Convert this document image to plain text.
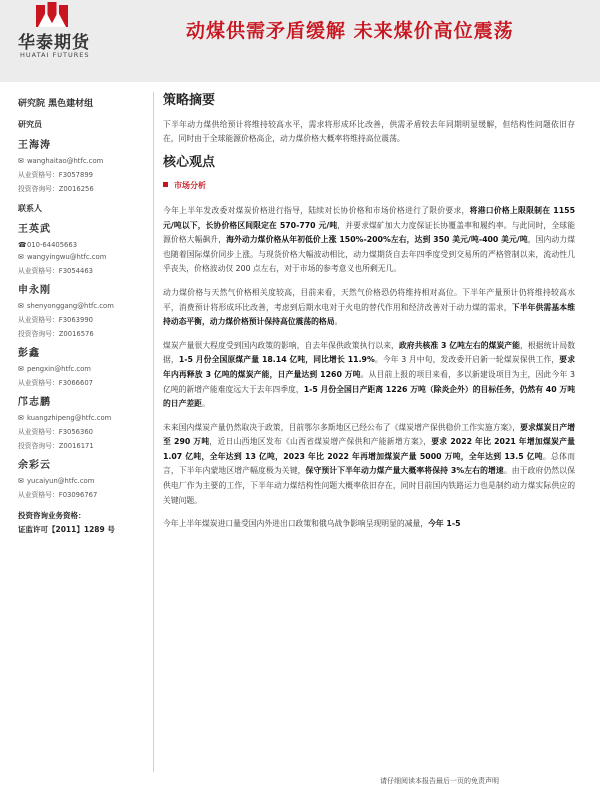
华泰期货
HUATAI FUTURES
动煤供需矛盾缓解 未来煤价高位震荡
研究院 黑色建材组
研究员
王海涛
✉ wanghaitao@htfc.com
从业资格号：F3057899
投资咨询号：Z0016256
联系人
王英武
☎010-64405663
✉ wangyingwu@htfc.com
从业资格号：F3054463
申永刚
✉ shenyonggang@htfc.com
从业资格号：F3063990
投资咨询号：Z0016576
彭鑫
✉ pengxin@htfc.com
从业资格号：F3066607
邝志鹏
✉ kuangzhipeng@htfc.com
从业资格号：F3056360
投资咨询号：Z0016171
余彩云
✉ yucaiyun@htfc.com
从业资格号：F03096767
投资咨询业务资格：
证监许可【2011】1289 号
策略摘要

下半年动力煤供给预计将维持较高水平，需求将形成环比改善，供需矛盾较去年同期明显缓解，但结构性问题依旧存在，同时由于全球能源价格高企，动力煤价格大概率将维持高位震荡。

核心观点
市场分析

今年上半年发改委对煤炭价格进行指导，陆续对长协价格和市场价格进行了限价要求，将港口价格上限限制在 1155 元/吨以下，长协价格区间限定在 570-770 元/吨，并要求煤矿加大力度保证长协覆盖率和履约率。与此同时，全球能源价格大幅飙升，海外动力煤价格从年初低价上涨 150%-200%左右，达到 350 美元/吨-400 美元/吨，国内动力煤也随着国际煤价同步上涨。与现货价格大幅波动相比，动力煤期货自去年四季度受到交易所的严格管制以来，流动性几乎丧失，价格波动仅 200 点左右，对于市场的参考意义也所剩无几。

动力煤价格与天然气价格相关度较高，目前来看，天然气价格恐仍将维持相对高位。下半年产量预计仍将维持较高水平，消费预计将形成环比改善，考虑到后期水电对于火电的替代作用和经济改善对于动力煤的需求，下半年供需基本维持动态平衡，动力煤价格预计保持高位震荡的格局。

煤炭产量很大程度受到国内政策的影响，自去年保供政策执行以来，政府共核准 3 亿吨左右的煤炭产能，根据统计局数据，1-5 月份全国原煤产量 18.14 亿吨，同比增长 11.9%。今年 3 月中旬，发改委开启新一轮煤炭保供工作，要求年内再释放 3 亿吨的煤炭产能，日产量达到 1260 万吨。从目前上报的项目来看，多以新建设项目为主，因此今年 3 亿吨的新增产能难度远大于去年四季度，1-5 月份全国日产距离 1226 万吨（除炎企外）的目标任务，仍然有 40 万吨的日产差距。

未来国内煤炭产量仍然取决于政策，目前鄂尔多斯地区已经公布了《煤炭增产保供稳价工作实施方案》，要求煤炭日产增至 290 万吨，近日山西地区发布《山西省煤炭增产保供和产能新增方案》，要求 2022 年比 2021 年增加煤炭产量 1.07 亿吨，全年达到 13 亿吨，2023 年比 2022 年再增加煤炭产量 5000 万吨，全年达到 13.5 亿吨。总体而言，下半年内蒙地区增产幅度极为关键，保守预计下半年动力煤产量大概率将保持 3%左右的增速。由于政府仍然以保供电厂作为主要的工作，下半年动力煤结构性问题大概率依旧存在，同时目前国内铁路运力也是制约动力煤实际供应的关键问题。

今年上半年煤炭进口量受国内外进出口政策和俄乌战争影响呈现明显的减量，今年 1-5

请仔细阅读本报告最后一页的免责声明
